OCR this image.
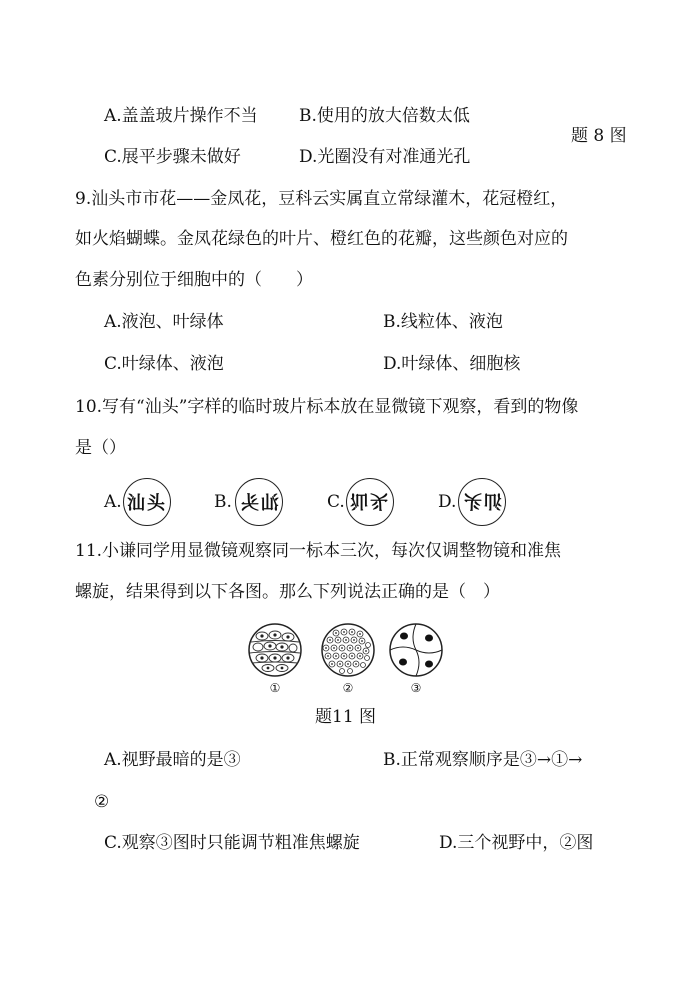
A.盖盖玻片操作不当 B.使用的放大倍数太低
题 8 图
C.展平步骤未做好	D.光圈没有对准通光孔
9.汕头市市花——金凤花，豆科云实属直立常绿灌木，花冠橙红，
如火焰蝴蝶。金凤花绿色的叶片、橙红色的花瓣，这些颜色对应的
色素分别位于细胞中的（　　）
A.液泡、叶绿体	B.线粒体、液泡
C.叶绿体、液泡	D.叶绿体、细胞核
10.写有“汕头”字样的临时玻片标本放在显微镜下观察，看到的物像
是（）
A. 汕头	B. 汕头	C. 汕头	D. 汕头
11.小谦同学用显微镜观察同一标本三次，每次仅调整物镜和准焦
螺旋，结果得到以下各图。那么下列说法正确的是（　）
①	②	③
题11 图
A.视野最暗的是③	B.正常观察顺序是③→①→
②
C.观察③图时只能调节粗准焦螺旋	D.三个视野中，②图
